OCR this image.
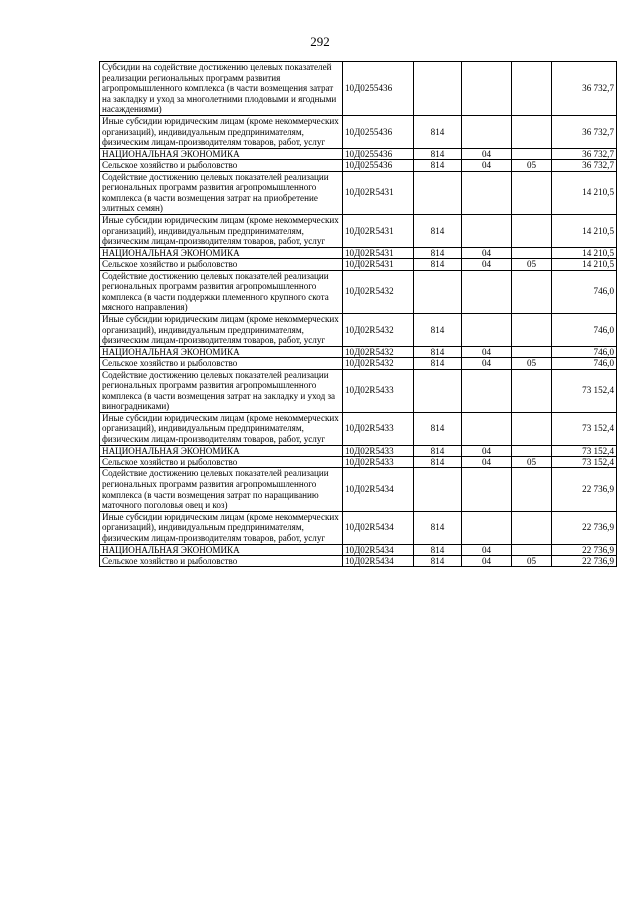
292
Субсидии на содействие достижению целевых показателей реализации региональных программ развития агропромышленного комплекса (в части возмещения затрат на закладку и уход за многолетними плодовыми и ягодными насаждениями)	10Д0255436				36 732,7
Иные субсидии юридическим лицам (кроме некоммерческих организаций), индивидуальным предпринимателям, физическим лицам-производителям товаров, работ, услуг	10Д0255436	814			36 732,7
НАЦИОНАЛЬНАЯ ЭКОНОМИКА	10Д0255436	814	04		36 732,7
Сельское хозяйство и рыболовство	10Д0255436	814	04	05	36 732,7
Содействие достижению целевых показателей реализации региональных программ развития агропромышленного комплекса (в части возмещения затрат на приобретение элитных семян)	10Д02R5431				14 210,5
Иные субсидии юридическим лицам (кроме некоммерческих организаций), индивидуальным предпринимателям, физическим лицам-производителям товаров, работ, услуг	10Д02R5431	814			14 210,5
НАЦИОНАЛЬНАЯ ЭКОНОМИКА	10Д02R5431	814	04		14 210,5
Сельское хозяйство и рыболовство	10Д02R5431	814	04	05	14 210,5
Содействие достижению целевых показателей реализации региональных программ развития агропромышленного комплекса (в части поддержки племенного крупного скота мясного направления)	10Д02R5432				746,0
Иные субсидии юридическим лицам (кроме некоммерческих организаций), индивидуальным предпринимателям, физическим лицам-производителям товаров, работ, услуг	10Д02R5432	814			746,0
НАЦИОНАЛЬНАЯ ЭКОНОМИКА	10Д02R5432	814	04		746,0
Сельское хозяйство и рыболовство	10Д02R5432	814	04	05	746,0
Содействие достижению целевых показателей реализации региональных программ развития агропромышленного комплекса (в части возмещения затрат на закладку и уход за виноградниками)	10Д02R5433				73 152,4
Иные субсидии юридическим лицам (кроме некоммерческих организаций), индивидуальным предпринимателям, физическим лицам-производителям товаров, работ, услуг	10Д02R5433	814			73 152,4
НАЦИОНАЛЬНАЯ ЭКОНОМИКА	10Д02R5433	814	04		73 152,4
Сельское хозяйство и рыболовство	10Д02R5433	814	04	05	73 152,4
Содействие достижению целевых показателей реализации региональных программ развития агропромышленного комплекса (в части возмещения затрат по наращиванию маточного поголовья овец и коз)	10Д02R5434				22 736,9
Иные субсидии юридическим лицам (кроме некоммерческих организаций), индивидуальным предпринимателям, физическим лицам-производителям товаров, работ, услуг	10Д02R5434	814			22 736,9
НАЦИОНАЛЬНАЯ ЭКОНОМИКА	10Д02R5434	814	04		22 736,9
Сельское хозяйство и рыболовство	10Д02R5434	814	04	05	22 736,9
